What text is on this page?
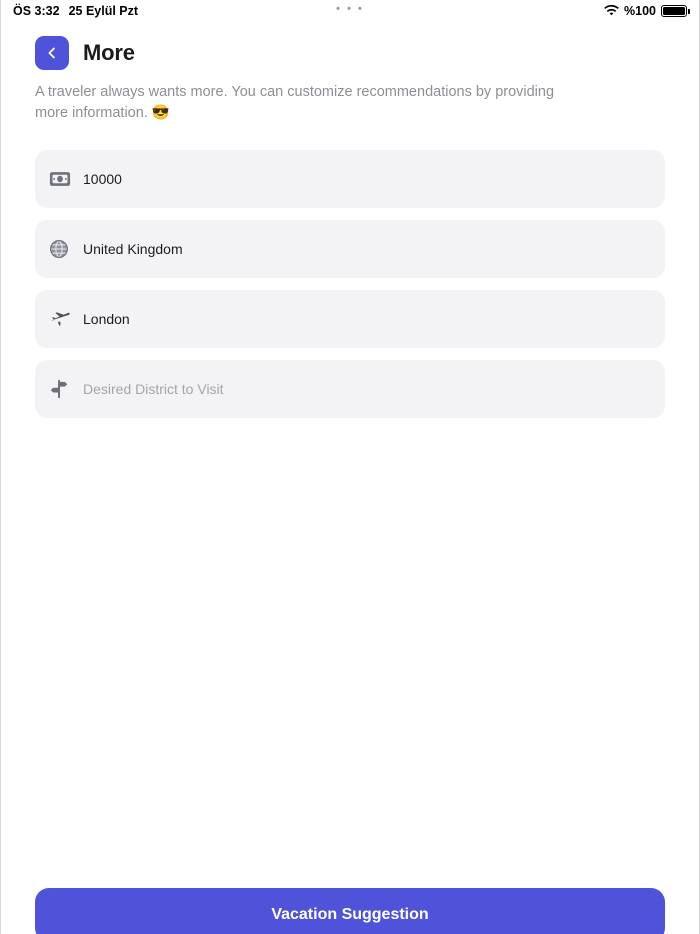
ÖS 3:32 25 Eylül Pzt	• • •	%100
More
A traveler always wants more. You can customize recommendations by providing more information. 😎
10000
United Kingdom
London
Desired District to Visit
Vacation Suggestion
